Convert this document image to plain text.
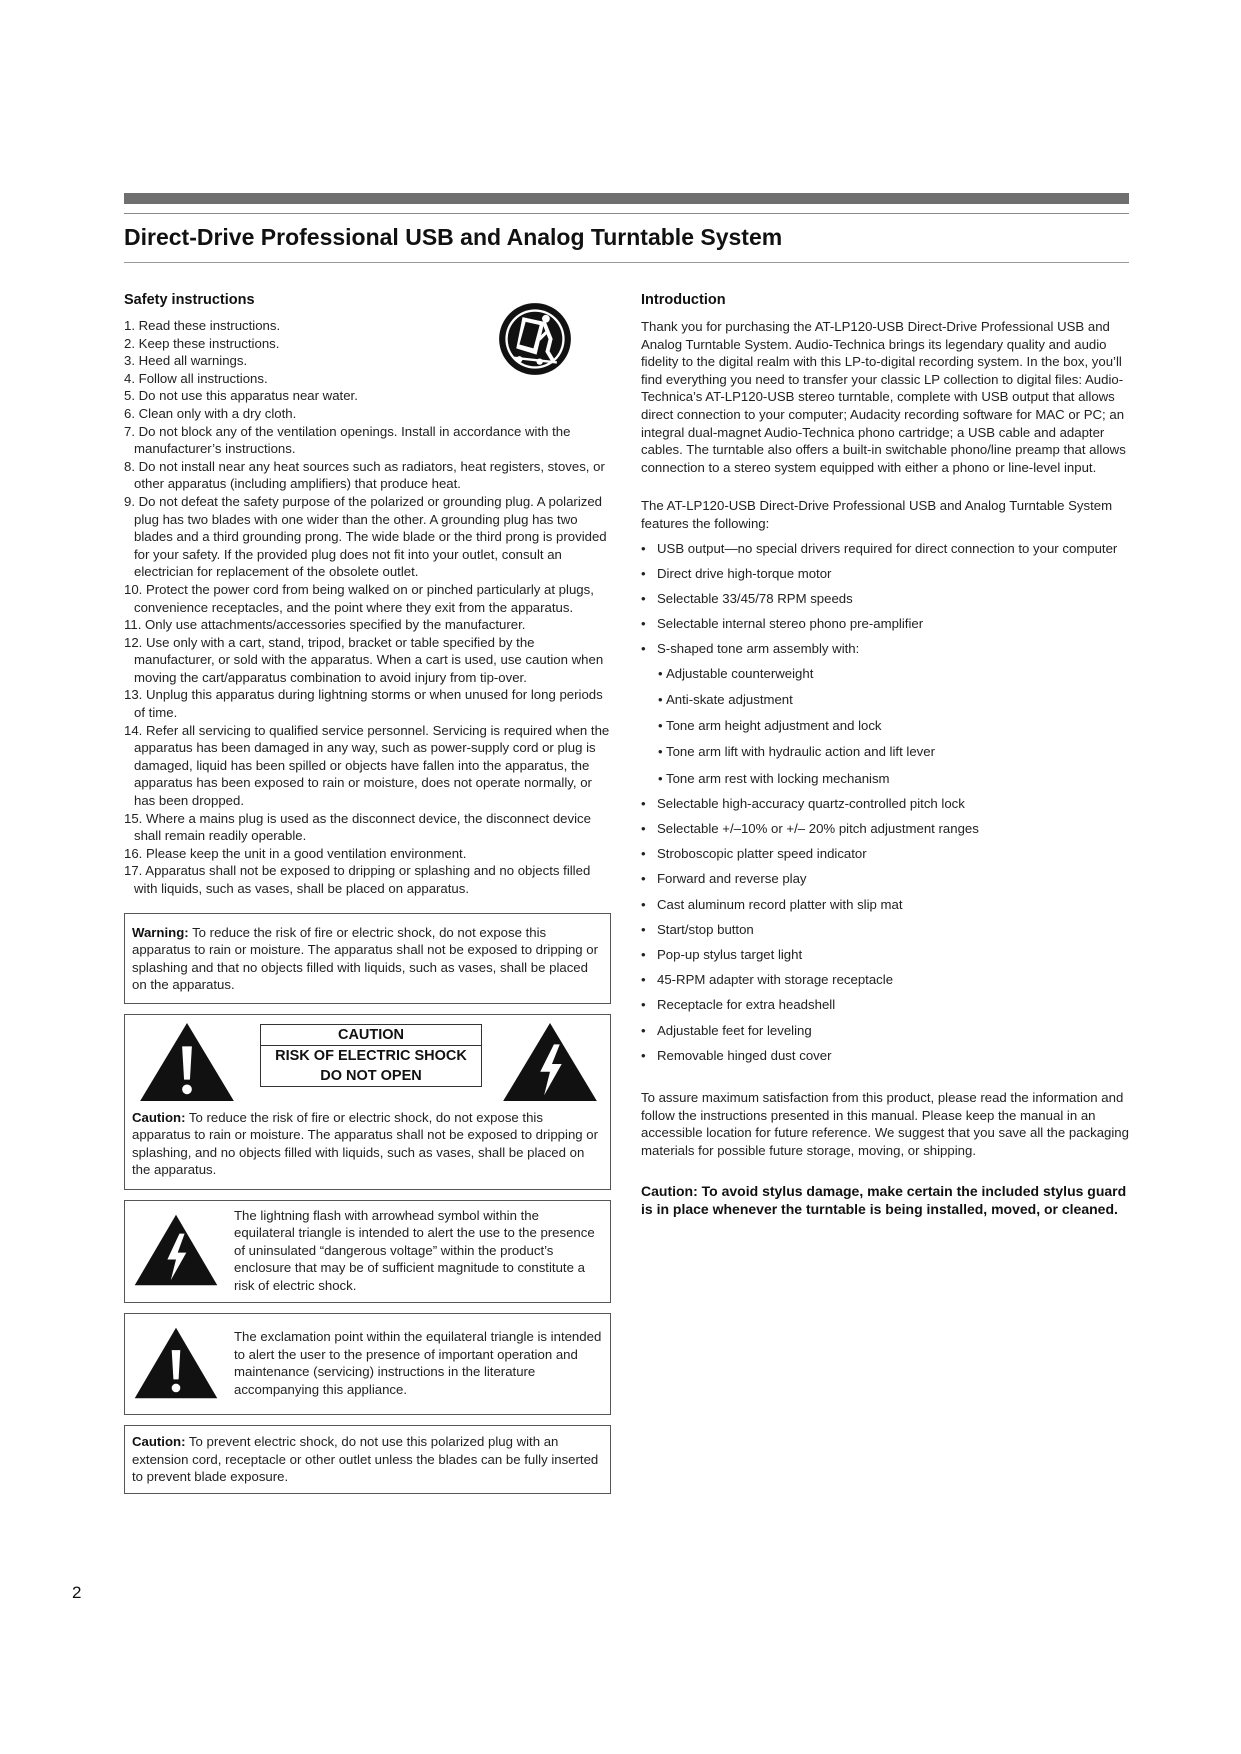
Direct-Drive Professional USB and Analog Turntable System
Safety instructions
1. Read these instructions.
2. Keep these instructions.
3. Heed all warnings.
4. Follow all instructions.
5. Do not use this apparatus near water.
6. Clean only with a dry cloth.
7. Do not block any of the ventilation openings. Install in accordance with the manufacturer’s instructions.
8. Do not install near any heat sources such as radiators, heat registers, stoves, or other apparatus (including amplifiers) that produce heat.
9. Do not defeat the safety purpose of the polarized or grounding plug. A polarized plug has two blades with one wider than the other. A grounding plug has two blades and a third grounding prong. The wide blade or the third prong is provided for your safety. If the provided plug does not fit into your outlet, consult an electrician for replacement of the obsolete outlet.
10. Protect the power cord from being walked on or pinched particularly at plugs, convenience receptacles, and the point where they exit from the apparatus.
11. Only use attachments/accessories specified by the manufacturer.
12. Use only with a cart, stand, tripod, bracket or table specified by the manufacturer, or sold with the apparatus. When a cart is used, use caution when moving the cart/apparatus combination to avoid injury from tip-over.
13. Unplug this apparatus during lightning storms or when unused for long periods of time.
14. Refer all servicing to qualified service personnel. Servicing is required when the apparatus has been damaged in any way, such as power-supply cord or plug is damaged, liquid has been spilled or objects have fallen into the apparatus, the apparatus has been exposed to rain or moisture, does not operate normally, or has been dropped.
15. Where a mains plug is used as the disconnect device, the disconnect device shall remain readily operable.
16. Please keep the unit in a good ventilation environment.
17. Apparatus shall not be exposed to dripping or splashing and no objects filled with liquids, such as vases, shall be placed on apparatus.
Warning: To reduce the risk of fire or electric shock, do not expose this apparatus to rain or moisture. The apparatus shall not be exposed to dripping or splashing and that no objects filled with liquids, such as vases, shall be placed on the apparatus.
CAUTION
RISK OF ELECTRIC SHOCK
DO NOT OPEN
Caution: To reduce the risk of fire or electric shock, do not expose this apparatus to rain or moisture. The apparatus shall not be exposed to dripping or splashing, and no objects filled with liquids, such as vases, shall be placed on the apparatus.

The lightning flash with arrowhead symbol within the equilateral triangle is intended to alert the use to the presence of uninsulated “dangerous voltage” within the product’s enclosure that may be of sufficient magnitude to constitute a risk of electric shock.

The exclamation point within the equilateral triangle is intended to alert the user to the presence of important operation and maintenance (servicing) instructions in the literature accompanying this appliance.

Caution: To prevent electric shock, do not use this polarized plug with an extension cord, receptacle or other outlet unless the blades can be fully inserted to prevent blade exposure.
Introduction

Thank you for purchasing the AT-LP120-USB Direct-Drive Professional USB and Analog Turntable System. Audio-Technica brings its legendary quality and audio fidelity to the digital realm with this LP-to-digital recording system. In the box, you’ll find everything you need to transfer your classic LP collection to digital files: Audio-Technica’s AT-LP120-USB stereo turntable, complete with USB output that allows direct connection to your computer; Audacity recording software for MAC or PC; an integral dual-magnet Audio-Technica phono cartridge; a USB cable and adapter cables. The turntable also offers a built-in switchable phono/line preamp that allows connection to a stereo system equipped with either a phono or line-level input.

The AT-LP120-USB Direct-Drive Professional USB and Analog Turntable System features the following:

• USB output—no special drivers required for direct connection to your computer
• Direct drive high-torque motor
• Selectable 33/45/78 RPM speeds
• Selectable internal stereo phono pre-amplifier
• S-shaped tone arm assembly with:
• Adjustable counterweight
• Anti-skate adjustment
• Tone arm height adjustment and lock
• Tone arm lift with hydraulic action and lift lever
• Tone arm rest with locking mechanism
• Selectable high-accuracy quartz-controlled pitch lock
• Selectable +/–10% or +/– 20% pitch adjustment ranges
• Stroboscopic platter speed indicator
• Forward and reverse play
• Cast aluminum record platter with slip mat
• Start/stop button
• Pop-up stylus target light
• 45-RPM adapter with storage receptacle
• Receptacle for extra headshell
• Adjustable feet for leveling
• Removable hinged dust cover

To assure maximum satisfaction from this product, please read the information and follow the instructions presented in this manual. Please keep the manual in an accessible location for future reference. We suggest that you save all the packaging materials for possible future storage, moving, or shipping.

Caution: To avoid stylus damage, make certain the included stylus guard is in place whenever the turntable is being installed, moved, or cleaned.

2
